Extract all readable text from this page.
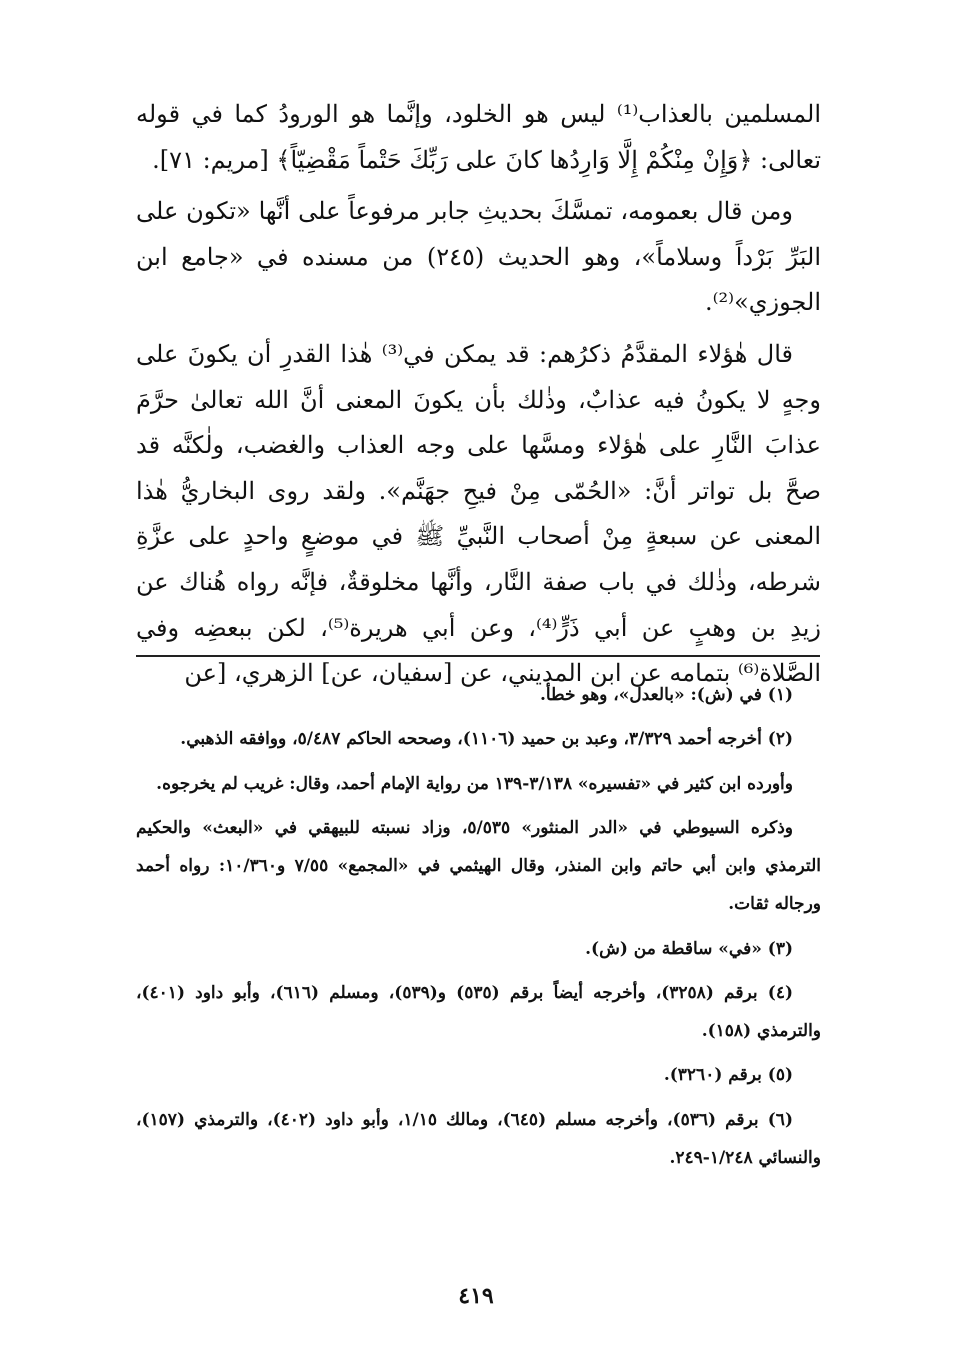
المسلمين بالعذاب⁽¹⁾ ليس هو الخلود، وإنَّما هو الورودُ كما في قوله تعالى: ﴿وَإِنْ مِنْكُمْ إِلَّا وَارِدُها كانَ على رَبِّكَ حَتْماً مَقْضِيّاً﴾ [مريم: ٧١].

ومن قال بعمومه، تمسَّكَ بحديثِ جابر مرفوعاً على أنَّها «تكون على البَرِّ بَرْداً وسلاماً»، وهو الحديث (٢٤٥) من مسنده في «جامع ابن الجوزي»⁽²⁾.

قال هٰؤلاء المقدَّمُ ذكرُهم: قد يمكن في⁽³⁾ هٰذا القدرِ أن يكونَ على وجهٍ لا يكونُ فيه عذابٌ، وذٰلك بأن يكونَ المعنى أنَّ الله تعالىٰ حرَّمَ عذابَ النَّارِ على هٰؤلاء ومسَّها على وجه العذاب والغضب، ولٰكنَّه قد صحَّ بل تواتر أنَّ: «الحُمّى مِنْ فيحِ جهَنَّم». ولقد روى البخاريُّ هٰذا المعنى عن سبعةٍ مِنْ أصحاب النَّبيِّ ﷺ في موضعٍ واحدٍ على عزَّةِ شرطه، وذٰلك في باب صفة النَّار، وأنَّها مخلوقةٌ، فإنَّه رواه هُناك عن زيدِ بن وهبٍ عن أبي ذَرٍّ⁽⁴⁾، وعن أبي هريرة⁽⁵⁾، لكن ببعضِه وفي الصَّلاة⁽⁶⁾ بتمامه عن ابن المديني، عن [سفيان، عن] الزهري، [عن

(١) في (ش): «بالعدل»، وهو خطأ.

(٢) أخرجه أحمد ٣/٣٢٩، وعبد بن حميد (١١٠٦)، وصححه الحاكم ٥/٤٨٧، ووافقه الذهبي.

وأورده ابن كثير في «تفسيره» ٣/١٣٨-١٣٩ من رواية الإمام أحمد، وقال: غريب لم يخرجوه.

وذكره السيوطي في «الدر المنثور» ٥/٥٣٥، وزاد نسبته للبيهقي في «البعث» والحكيم الترمذي وابن أبي حاتم وابن المنذر، وقال الهيثمي في «المجمع» ٧/٥٥ و١٠/٣٦٠: رواه أحمد ورجاله ثقات.

(٣) «في» ساقطة من (ش).

(٤) برقم (٣٢٥٨)، وأخرجه أيضاً برقم (٥٣٥) و(٥٣٩)، ومسلم (٦١٦)، وأبو داود (٤٠١)، والترمذي (١٥٨).

(٥) برقم (٣٢٦٠).

(٦) برقم (٥٣٦)، وأخرجه مسلم (٦٤٥)، ومالك ١/١٥، وأبو داود (٤٠٢)، والترمذي (١٥٧)، والنسائي ١/٢٤٨-٢٤٩.

٤١٩
